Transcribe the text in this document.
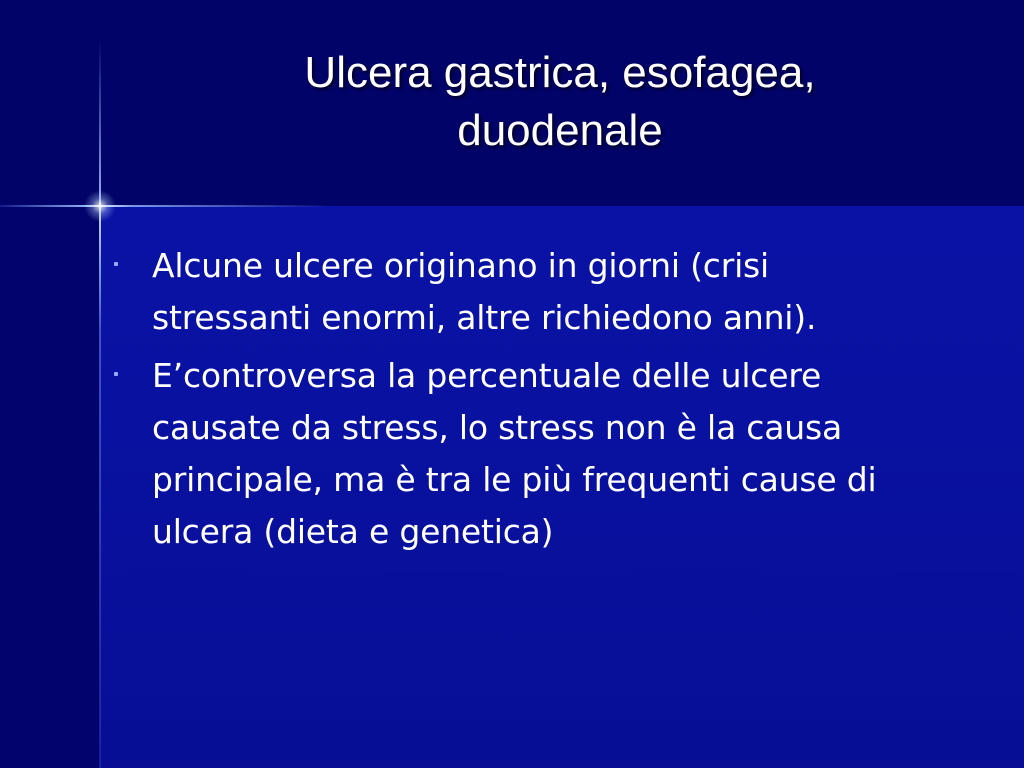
Ulcera gastrica, esofagea,
duodenale
Alcune ulcere originano in giorni (crisi
stressanti enormi, altre richiedono anni).
E’controversa la percentuale delle ulcere
causate da stress, lo stress non è la causa
principale, ma è tra le più frequenti cause di
ulcera (dieta e genetica)
